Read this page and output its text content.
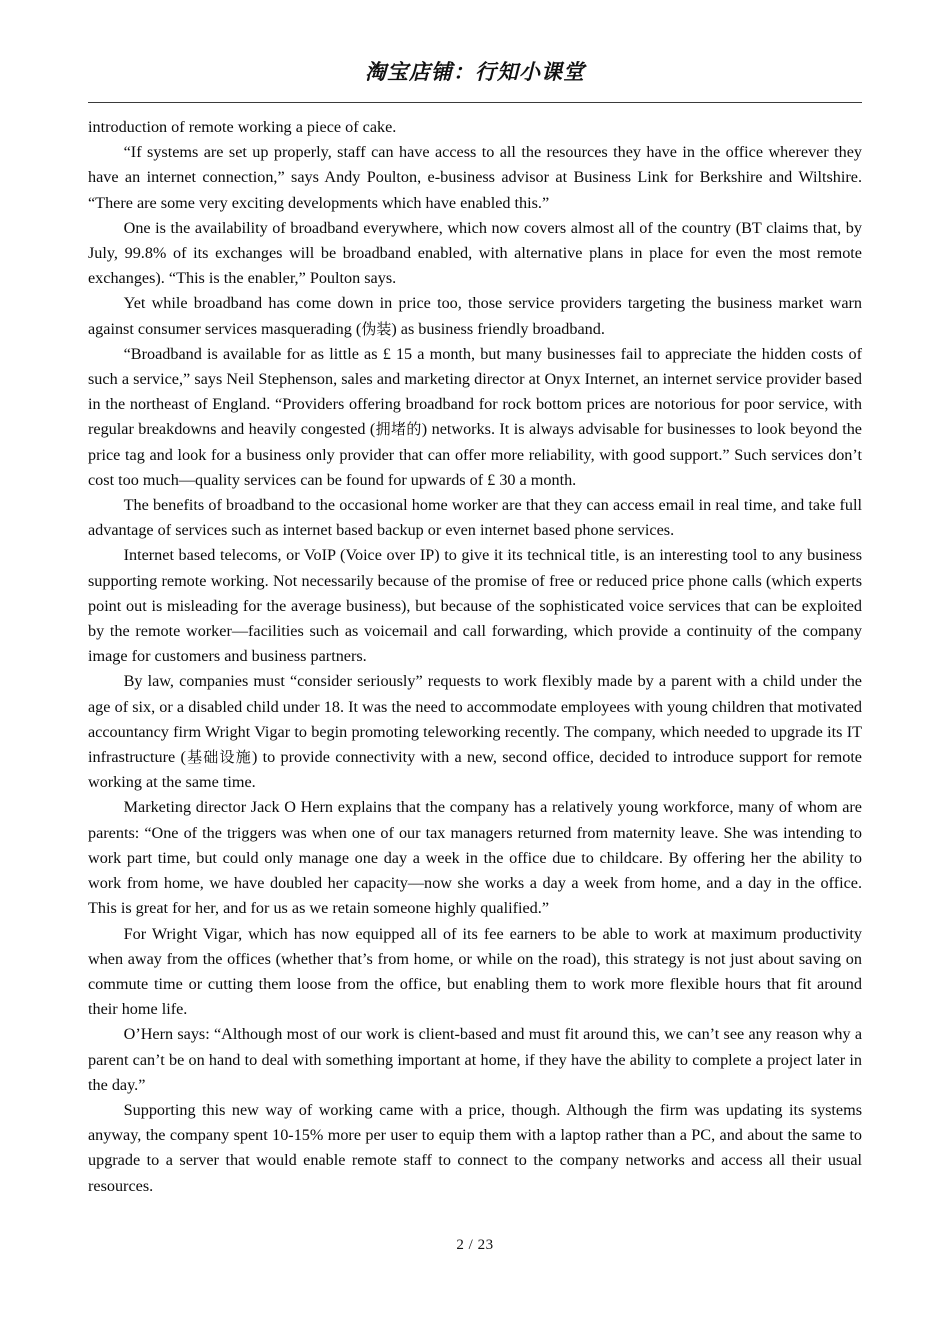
淘宝店铺：行知小课堂

introduction of remote working a piece of cake.

“If systems are set up properly, staff can have access to all the resources they have in the office wherever they have an internet connection,” says Andy Poulton, e-business advisor at Business Link for Berkshire and Wiltshire. “There are some very exciting developments which have enabled this.”

One is the availability of broadband everywhere, which now covers almost all of the country (BT claims that, by July, 99.8% of its exchanges will be broadband enabled, with alternative plans in place for even the most remote exchanges). “This is the enabler,” Poulton says.

Yet while broadband has come down in price too, those service providers targeting the business market warn against consumer services masquerading (伪装) as business friendly broadband.

“Broadband is available for as little as £ 15 a month, but many businesses fail to appreciate the hidden costs of such a service,” says Neil Stephenson, sales and marketing director at Onyx Internet, an internet service provider based in the northeast of England. “Providers offering broadband for rock bottom prices are notorious for poor service, with regular breakdowns and heavily congested (拥堵的) networks. It is always advisable for businesses to look beyond the price tag and look for a business only provider that can offer more reliability, with good support.” Such services don’t cost too much—quality services can be found for upwards of £ 30 a month.

The benefits of broadband to the occasional home worker are that they can access email in real time, and take full advantage of services such as internet based backup or even internet based phone services.

Internet based telecoms, or VoIP (Voice over IP) to give it its technical title, is an interesting tool to any business supporting remote working. Not necessarily because of the promise of free or reduced price phone calls (which experts point out is misleading for the average business), but because of the sophisticated voice services that can be exploited by the remote worker—facilities such as voicemail and call forwarding, which provide a continuity of the company image for customers and business partners.

By law, companies must “consider seriously” requests to work flexibly made by a parent with a child under the age of six, or a disabled child under 18. It was the need to accommodate employees with young children that motivated accountancy firm Wright Vigar to begin promoting teleworking recently. The company, which needed to upgrade its IT infrastructure (基础设施) to provide connectivity with a new, second office, decided to introduce support for remote working at the same time.

Marketing director Jack O Hern explains that the company has a relatively young workforce, many of whom are parents: “One of the triggers was when one of our tax managers returned from maternity leave. She was intending to work part time, but could only manage one day a week in the office due to childcare. By offering her the ability to work from home, we have doubled her capacity—now she works a day a week from home, and a day in the office. This is great for her, and for us as we retain someone highly qualified.”

For Wright Vigar, which has now equipped all of its fee earners to be able to work at maximum productivity when away from the offices (whether that’s from home, or while on the road), this strategy is not just about saving on commute time or cutting them loose from the office, but enabling them to work more flexible hours that fit around their home life.

O’Hern says: “Although most of our work is client-based and must fit around this, we can’t see any reason why a parent can’t be on hand to deal with something important at home, if they have the ability to complete a project later in the day.”

Supporting this new way of working came with a price, though. Although the firm was updating its systems anyway, the company spent 10-15% more per user to equip them with a laptop rather than a PC, and about the same to upgrade to a server that would enable remote staff to connect to the company networks and access all their usual resources.

2 / 23
